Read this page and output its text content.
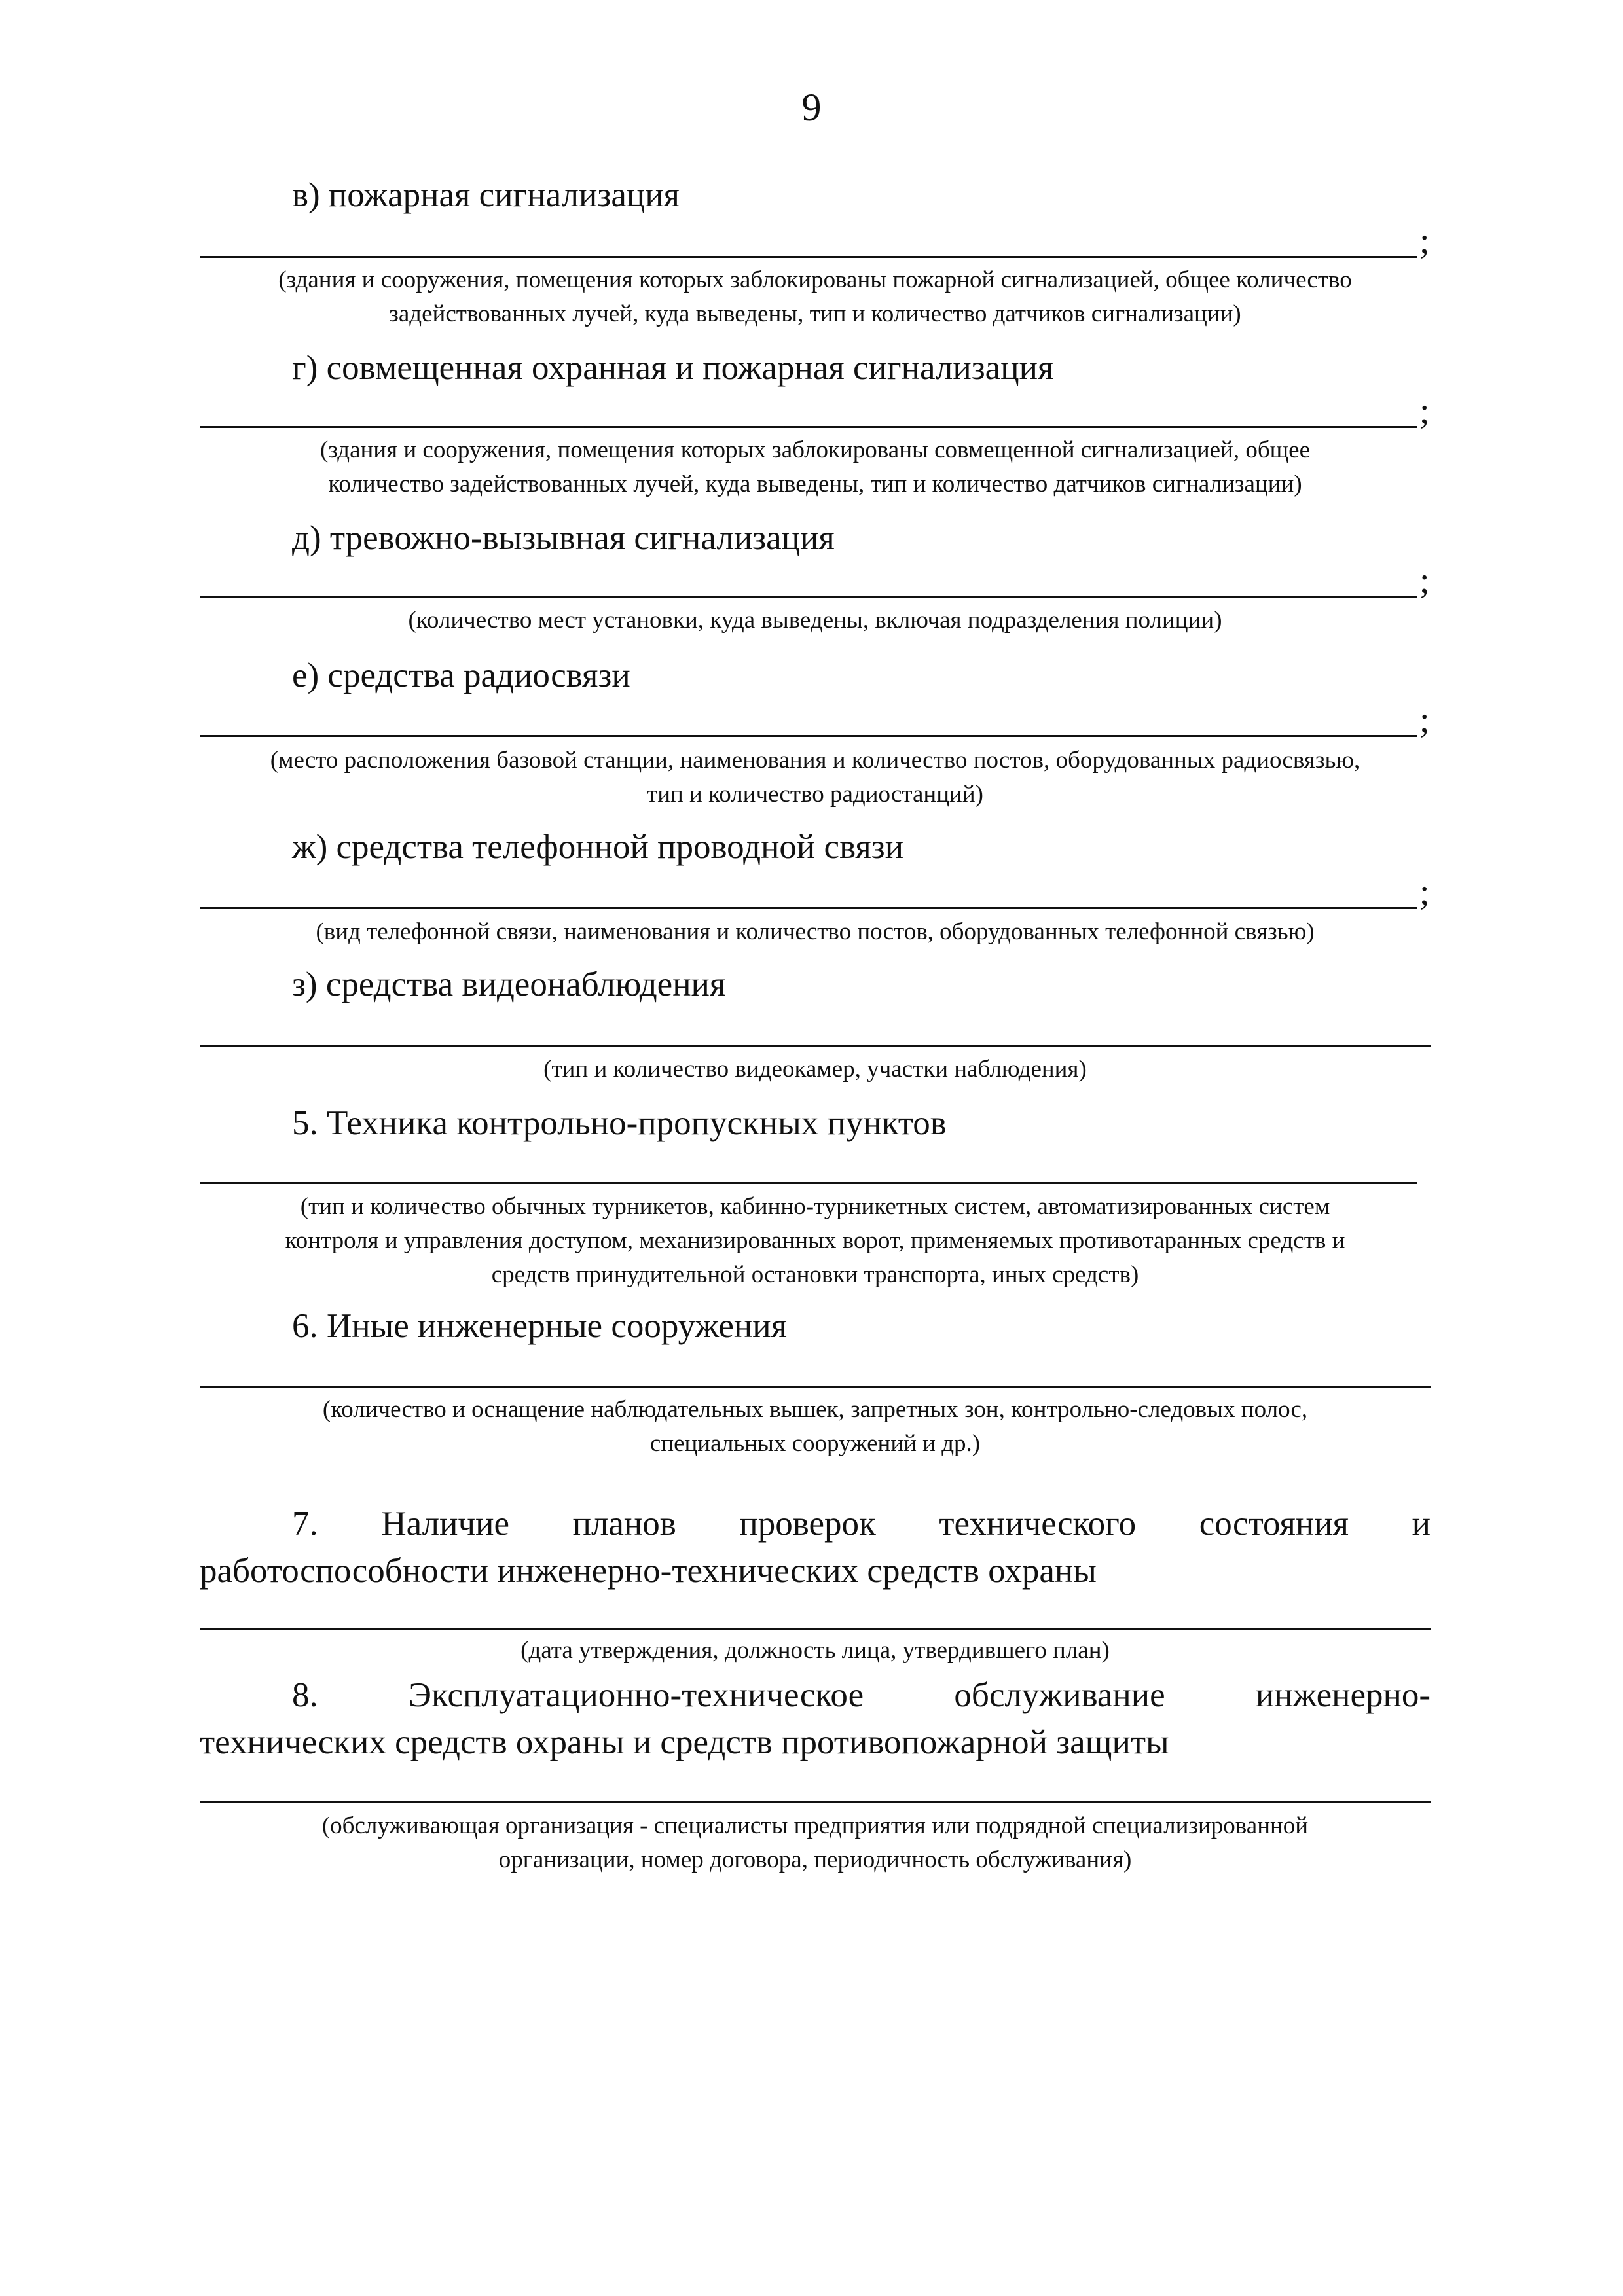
9
в) пожарная сигнализация
;
(здания и сооружения, помещения которых заблокированы пожарной сигнализацией, общее количество
задействованных лучей, куда выведены, тип и количество датчиков сигнализации)
г) совмещенная охранная и пожарная сигнализация
;
(здания и сооружения, помещения которых заблокированы совмещенной сигнализацией, общее
количество задействованных лучей, куда выведены, тип и количество датчиков сигнализации)
д) тревожно-вызывная сигнализация
;
(количество мест установки, куда выведены, включая подразделения полиции)
е) средства радиосвязи
;
(место расположения базовой станции, наименования и количество постов, оборудованных радиосвязью,
тип и количество радиостанций)
ж) средства телефонной проводной связи
;
(вид телефонной связи, наименования и количество постов, оборудованных телефонной связью)
з) средства видеонаблюдения
(тип и количество видеокамер, участки наблюдения)
5. Техника контрольно-пропускных пунктов
(тип и количество обычных турникетов, кабинно-турникетных систем, автоматизированных систем
контроля и управления доступом, механизированных ворот, применяемых противотаранных средств и
средств принудительной остановки транспорта, иных средств)
6. Иные инженерные сооружения
(количество и оснащение наблюдательных вышек, запретных зон, контрольно-следовых полос,
специальных сооружений и др.)
7. Наличие планов проверок технического состояния и
работоспособности инженерно-технических средств охраны
(дата утверждения, должность лица, утвердившего план)
8. Эксплуатационно-техническое обслуживание инженерно-
технических средств охраны и средств противопожарной защиты
(обслуживающая организация - специалисты предприятия или подрядной специализированной
организации, номер договора, периодичность обслуживания)
